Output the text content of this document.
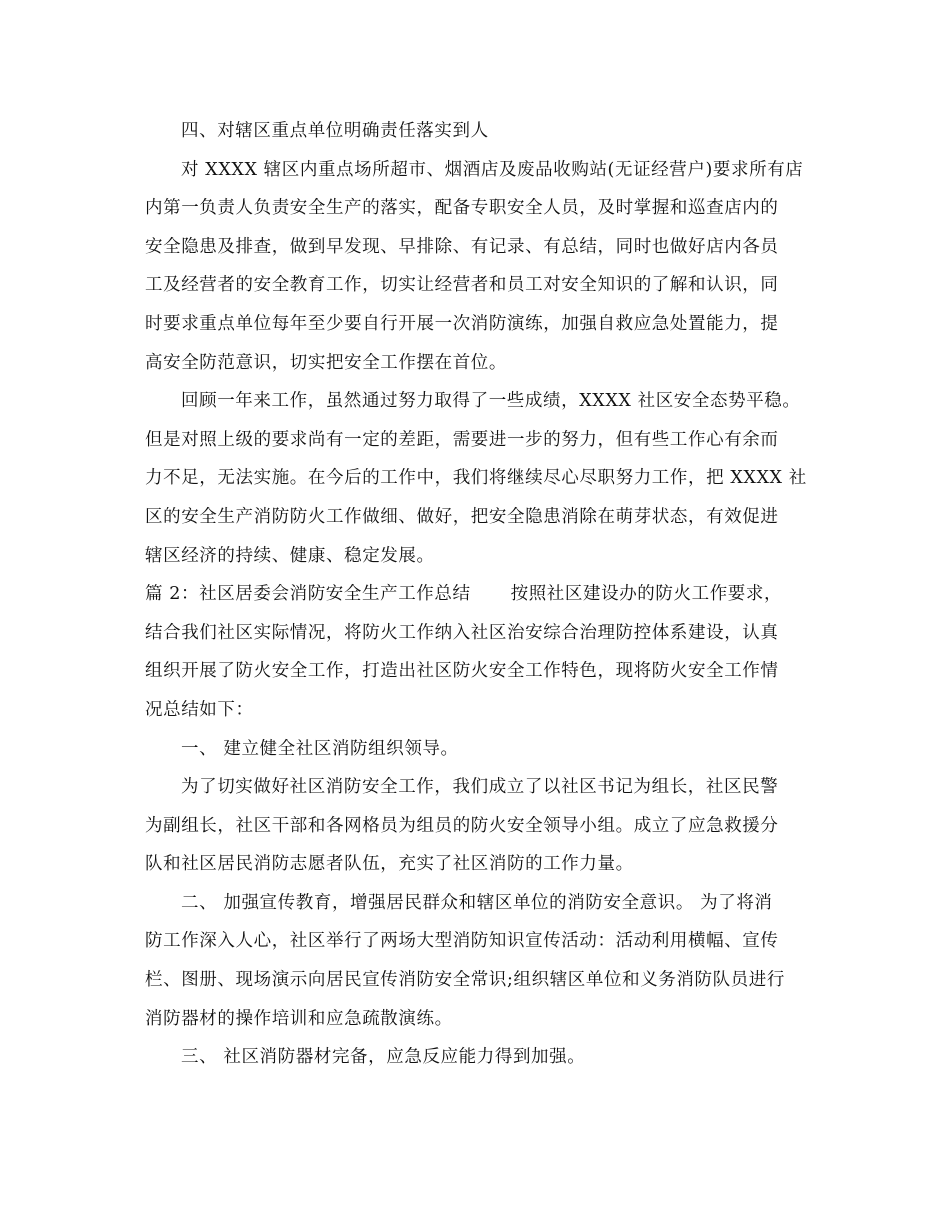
四、对辖区重点单位明确责任落实到人
对 XXXX 辖区内重点场所超市、烟酒店及废品收购站(无证经营户)要求所有店
内第一负责人负责安全生产的落实，配备专职安全人员，及时掌握和巡查店内的
安全隐患及排查，做到早发现、早排除、有记录、有总结，同时也做好店内各员
工及经营者的安全教育工作，切实让经营者和员工对安全知识的了解和认识，同
时要求重点单位每年至少要自行开展一次消防演练，加强自救应急处置能力，提
高安全防范意识，切实把安全工作摆在首位。
回顾一年来工作，虽然通过努力取得了一些成绩，XXXX 社区安全态势平稳。
但是对照上级的要求尚有一定的差距，需要进一步的努力，但有些工作心有余而
力不足，无法实施。在今后的工作中，我们将继续尽心尽职努力工作，把 XXXX 社
区的安全生产消防防火工作做细、做好，把安全隐患消除在萌芽状态，有效促进
辖区经济的持续、健康、稳定发展。
篇 2：社区居委会消防安全生产工作总结 按照社区建设办的防火工作要求，
结合我们社区实际情况，将防火工作纳入社区治安综合治理防控体系建设，认真
组织开展了防火安全工作，打造出社区防火安全工作特色，现将防火安全工作情
况总结如下：
一、 建立健全社区消防组织领导。
为了切实做好社区消防安全工作，我们成立了以社区书记为组长，社区民警
为副组长，社区干部和各网格员为组员的防火安全领导小组。成立了应急救援分
队和社区居民消防志愿者队伍，充实了社区消防的工作力量。
二、 加强宣传教育，增强居民群众和辖区单位的消防安全意识。 为了将消
防工作深入人心，社区举行了两场大型消防知识宣传活动：活动利用横幅、宣传
栏、图册、现场演示向居民宣传消防安全常识;组织辖区单位和义务消防队员进行
消防器材的操作培训和应急疏散演练。
三、 社区消防器材完备，应急反应能力得到加强。
